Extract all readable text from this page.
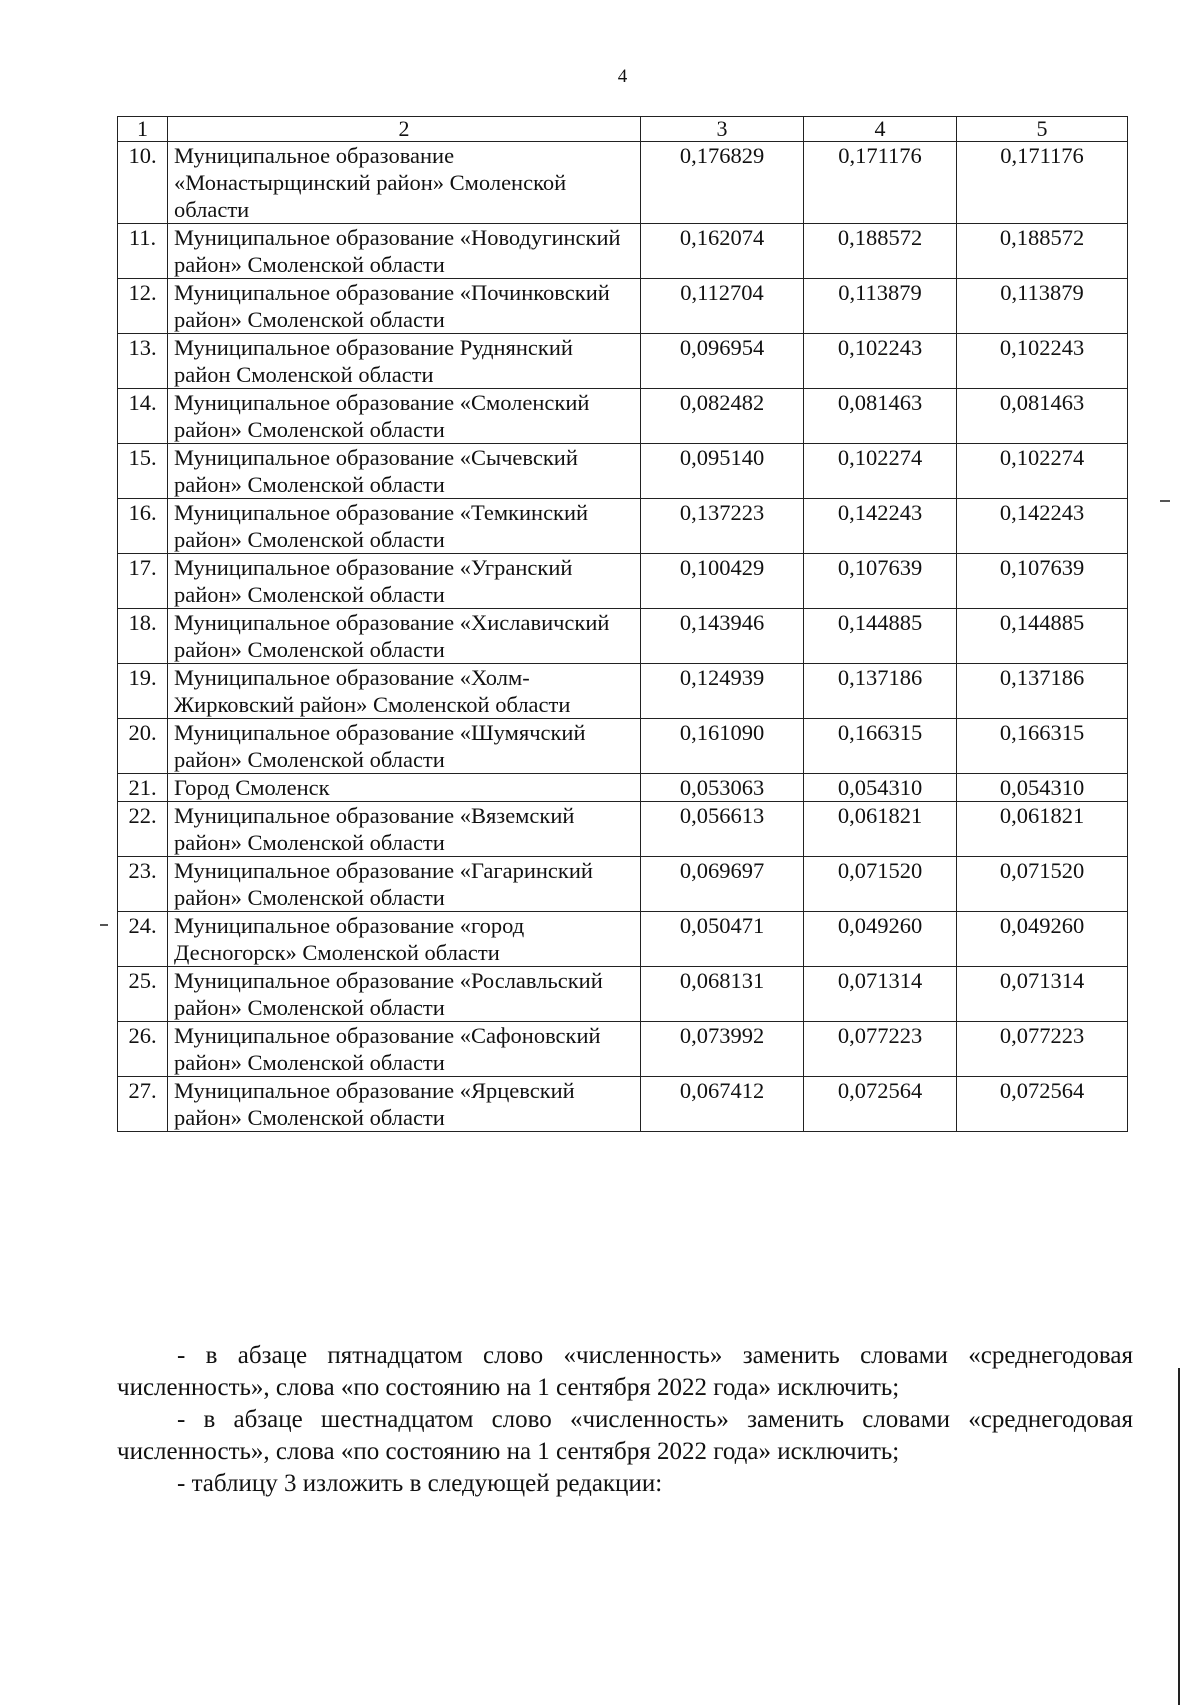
4
1	2	3	4	5
10.	Муниципальное образование «Монастырщинский район» Смоленской области	0,176829	0,171176	0,171176
11.	Муниципальное образование «Новодугинский район» Смоленской области	0,162074	0,188572	0,188572
12.	Муниципальное образование «Починковский район» Смоленской области	0,112704	0,113879	0,113879
13.	Муниципальное образование Руднянский район Смоленской области	0,096954	0,102243	0,102243
14.	Муниципальное образование «Смоленский район» Смоленской области	0,082482	0,081463	0,081463
15.	Муниципальное образование «Сычевский район» Смоленской области	0,095140	0,102274	0,102274
16.	Муниципальное образование «Темкинский район» Смоленской области	0,137223	0,142243	0,142243
17.	Муниципальное образование «Угранский район» Смоленской области	0,100429	0,107639	0,107639
18.	Муниципальное образование «Хиславичский район» Смоленской области	0,143946	0,144885	0,144885
19.	Муниципальное образование «Холм-Жирковский район» Смоленской области	0,124939	0,137186	0,137186
20.	Муниципальное образование «Шумячский район» Смоленской области	0,161090	0,166315	0,166315
21.	Город Смоленск	0,053063	0,054310	0,054310
22.	Муниципальное образование «Вяземский район» Смоленской области	0,056613	0,061821	0,061821
23.	Муниципальное образование «Гагаринский район» Смоленской области	0,069697	0,071520	0,071520
24.	Муниципальное образование «город Десногорск» Смоленской области	0,050471	0,049260	0,049260
25.	Муниципальное образование «Рославльский район» Смоленской области	0,068131	0,071314	0,071314
26.	Муниципальное образование «Сафоновский район» Смоленской области	0,073992	0,077223	0,077223
27.	Муниципальное образование «Ярцевский район» Смоленской области	0,067412	0,072564	0,072564

- в абзаце пятнадцатом слово «численность» заменить словами «среднегодовая численность», слова «по состоянию на 1 сентября 2022 года» исключить;

- в абзаце шестнадцатом слово «численность» заменить словами «среднегодовая численность», слова «по состоянию на 1 сентября 2022 года» исключить;

- таблицу 3 изложить в следующей редакции:
